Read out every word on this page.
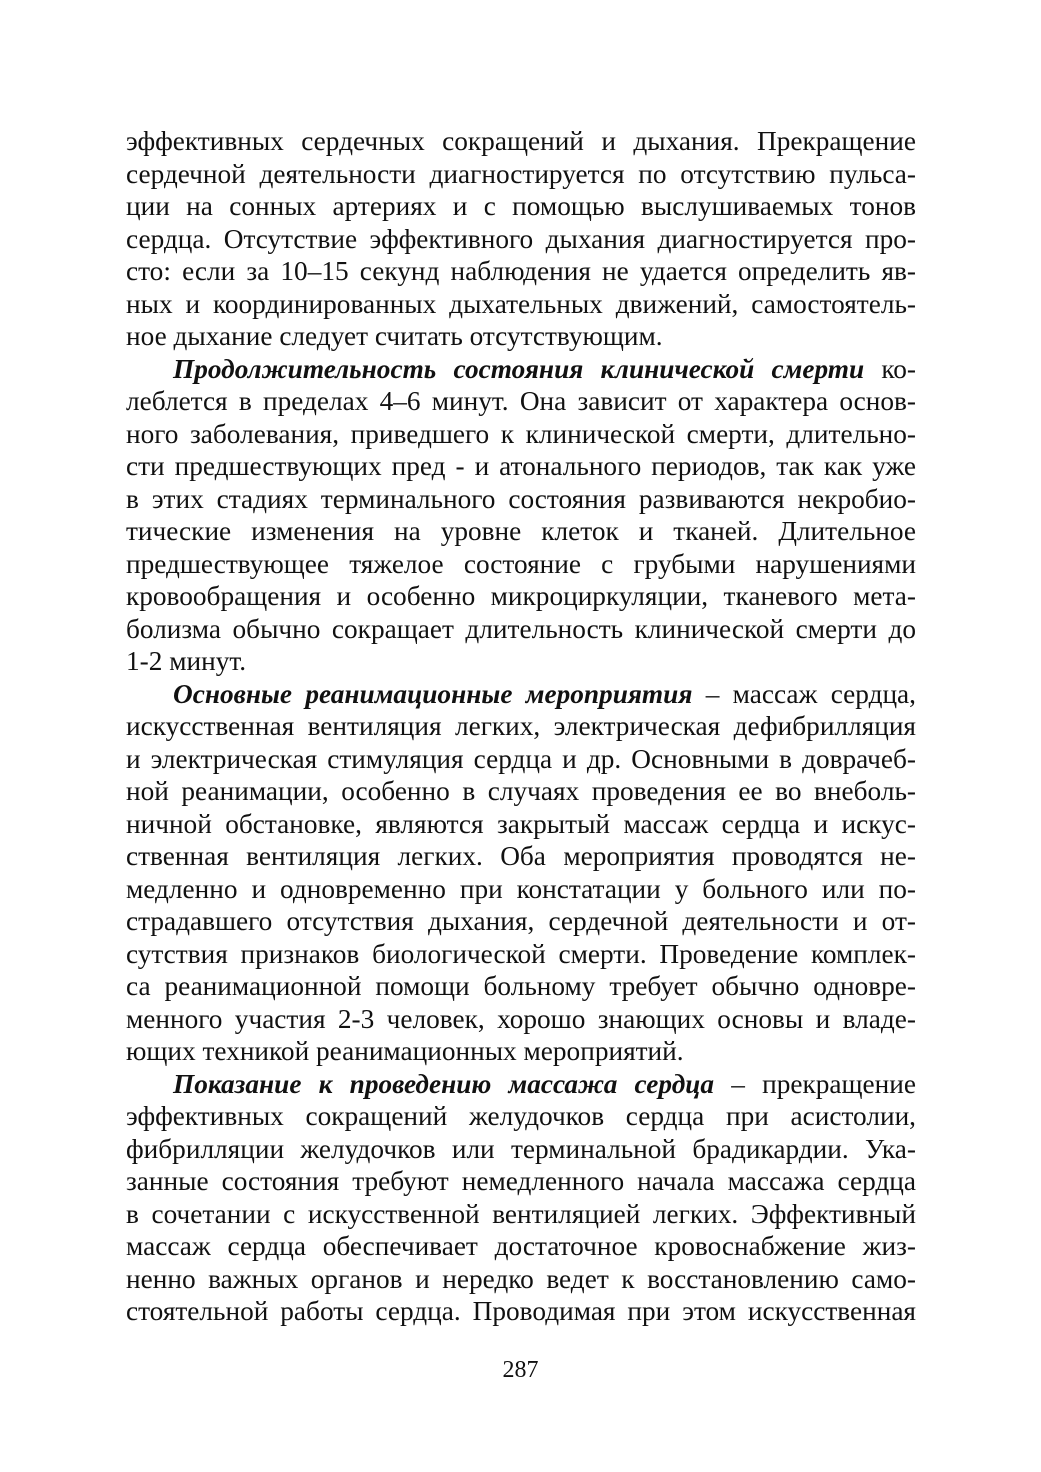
эффективных сердечных сокращений и дыхания. Прекращение
сердечной деятельности диагностируется по отсутствию пульса-
ции на сонных артериях и с помощью выслушиваемых тонов
сердца. Отсутствие эффективного дыхания диагностируется про-
сто: если за 10–15 секунд наблюдения не удается определить яв-
ных и координированных дыхательных движений, самостоятель-
ное дыхание следует считать отсутствующим.
Продолжительность состояния клинической смерти ко-
леблется в пределах 4–6 минут. Она зависит от характера основ-
ного заболевания, приведшего к клинической смерти, длительно-
сти предшествующих пред - и атонального периодов, так как уже
в этих стадиях терминального состояния развиваются некробио-
тические изменения на уровне клеток и тканей. Длительное
предшествующее тяжелое состояние с грубыми нарушениями
кровообращения и особенно микроциркуляции, тканевого мета-
болизма обычно сокращает длительность клинической смерти до
1-2 минут.
Основные реанимационные мероприятия – массаж сердца,
искусственная вентиляция легких, электрическая дефибрилляция
и электрическая стимуляция сердца и др. Основными в доврачеб-
ной реанимации, особенно в случаях проведения ее во внеболь-
ничной обстановке, являются закрытый массаж сердца и искус-
ственная вентиляция легких. Оба мероприятия проводятся не-
медленно и одновременно при констатации у больного или по-
страдавшего отсутствия дыхания, сердечной деятельности и от-
сутствия признаков биологической смерти. Проведение комплек-
са реанимационной помощи больному требует обычно одновре-
менного участия 2-3 человек, хорошо знающих основы и владе-
ющих техникой реанимационных мероприятий.
Показание к проведению массажа сердца – прекращение
эффективных сокращений желудочков сердца при асистолии,
фибрилляции желудочков или терминальной брадикардии. Ука-
занные состояния требуют немедленного начала массажа сердца
в сочетании с искусственной вентиляцией легких. Эффективный
массаж сердца обеспечивает достаточное кровоснабжение жиз-
ненно важных органов и нередко ведет к восстановлению само-
стоятельной работы сердца. Проводимая при этом искусственная
287
